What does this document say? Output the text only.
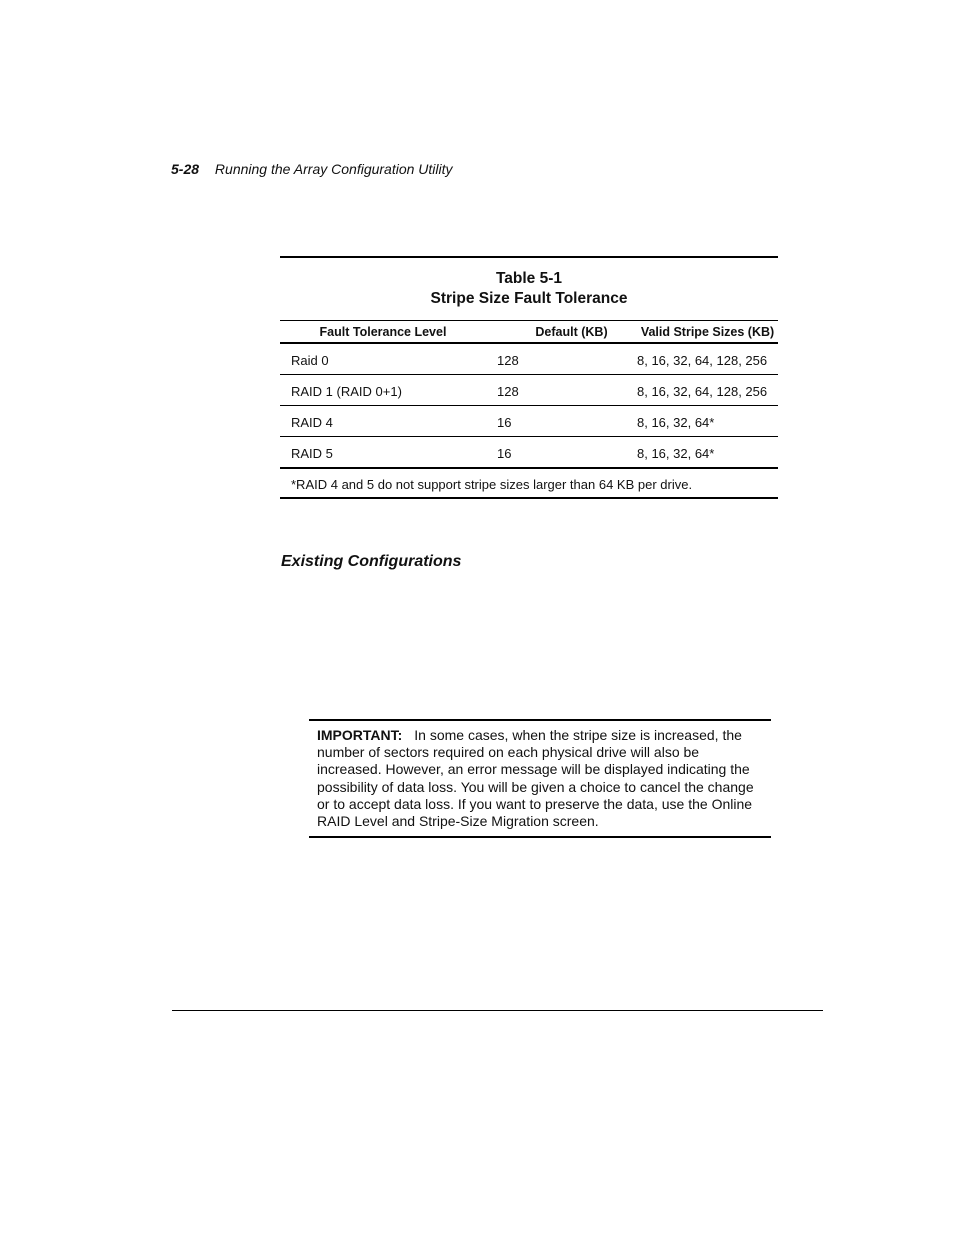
5-28 Running the Array Configuration Utility
Table 5-1
Stripe Size Fault Tolerance
Fault Tolerance Level	Default (KB)	Valid Stripe Sizes (KB)
Raid 0	128	8, 16, 32, 64, 128, 256
RAID 1 (RAID 0+1)	128	8, 16, 32, 64, 128, 256
RAID 4	16	8, 16, 32, 64*
RAID 5	16	8, 16, 32, 64*
*RAID 4 and 5 do not support stripe sizes larger than 64 KB per drive.
Existing Configurations
IMPORTANT: In some cases, when the stripe size is increased, the number of sectors required on each physical drive will also be increased. However, an error message will be displayed indicating the possibility of data loss. You will be given a choice to cancel the change or to accept data loss. If you want to preserve the data, use the Online RAID Level and Stripe-Size Migration screen.
